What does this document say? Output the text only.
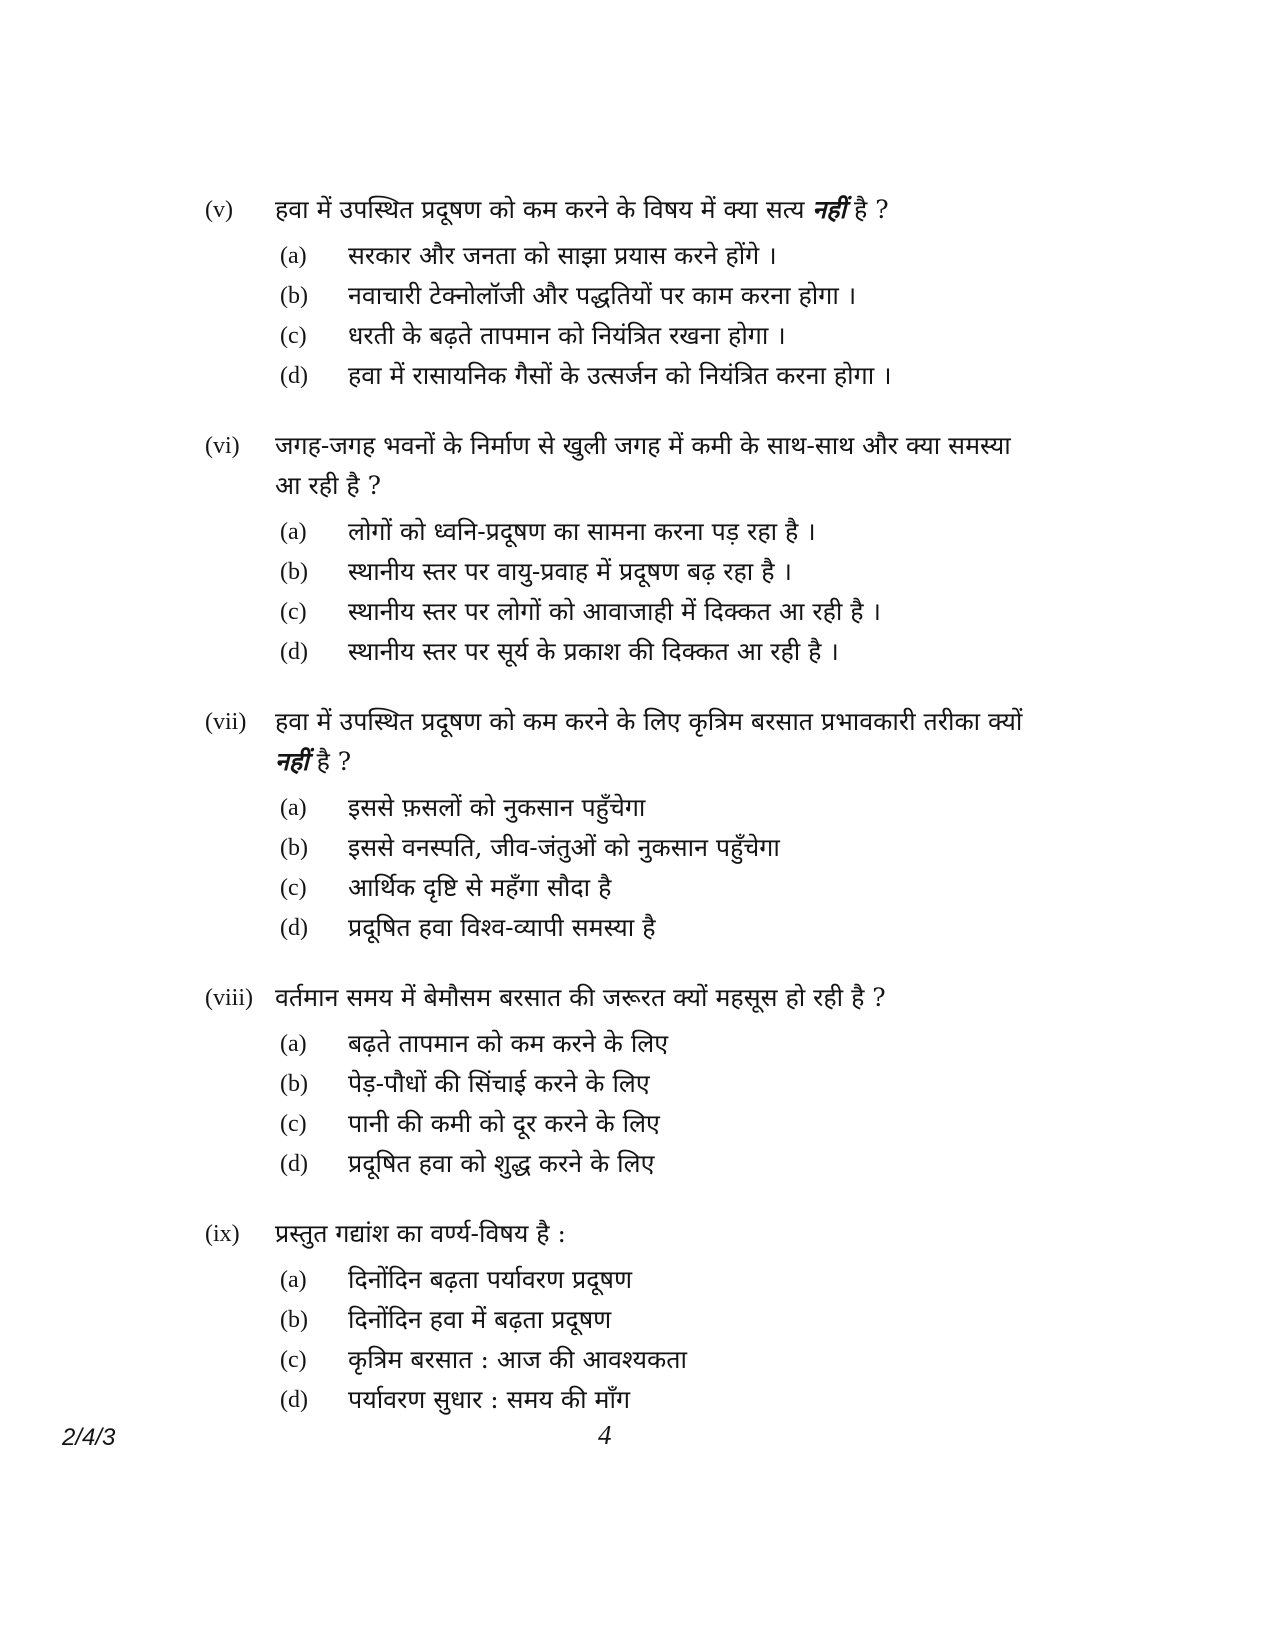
(v)	हवा में उपस्थित प्रदूषण को कम करने के विषय में क्या सत्य नहीं है ?
(a)	सरकार और जनता को साझा प्रयास करने होंगे ।
(b)	नवाचारी टेक्नोलॉजी और पद्धतियों पर काम करना होगा ।
(c)	धरती के बढ़ते तापमान को नियंत्रित रखना होगा ।
(d)	हवा में रासायनिक गैसों के उत्सर्जन को नियंत्रित करना होगा ।
(vi)	जगह-जगह भवनों के निर्माण से खुली जगह में कमी के साथ-साथ और क्या समस्या
आ रही है ?
(a)	लोगों को ध्वनि-प्रदूषण का सामना करना पड़ रहा है ।
(b)	स्थानीय स्तर पर वायु-प्रवाह में प्रदूषण बढ़ रहा है ।
(c)	स्थानीय स्तर पर लोगों को आवाजाही में दिक्कत आ रही है ।
(d)	स्थानीय स्तर पर सूर्य के प्रकाश की दिक्कत आ रही है ।
(vii)	हवा में उपस्थित प्रदूषण को कम करने के लिए कृत्रिम बरसात प्रभावकारी तरीका क्यों
नहीं है ?
(a)	इससे फ़सलों को नुकसान पहुँचेगा
(b)	इससे वनस्पति, जीव-जंतुओं को नुकसान पहुँचेगा
(c)	आर्थिक दृष्टि से महँगा सौदा है
(d)	प्रदूषित हवा विश्व-व्यापी समस्या है
(viii) वर्तमान समय में बेमौसम बरसात की जरूरत क्यों महसूस हो रही है ?
(a)	बढ़ते तापमान को कम करने के लिए
(b)	पेड़-पौधों की सिंचाई करने के लिए
(c)	पानी की कमी को दूर करने के लिए
(d)	प्रदूषित हवा को शुद्ध करने के लिए
(ix)	प्रस्तुत गद्यांश का वर्ण्य-विषय है :
(a)	दिनोंदिन बढ़ता पर्यावरण प्रदूषण
(b)	दिनोंदिन हवा में बढ़ता प्रदूषण
(c)	कृत्रिम बरसात : आज की आवश्यकता
(d)	पर्यावरण सुधार : समय की माँग
2/4/3	4
